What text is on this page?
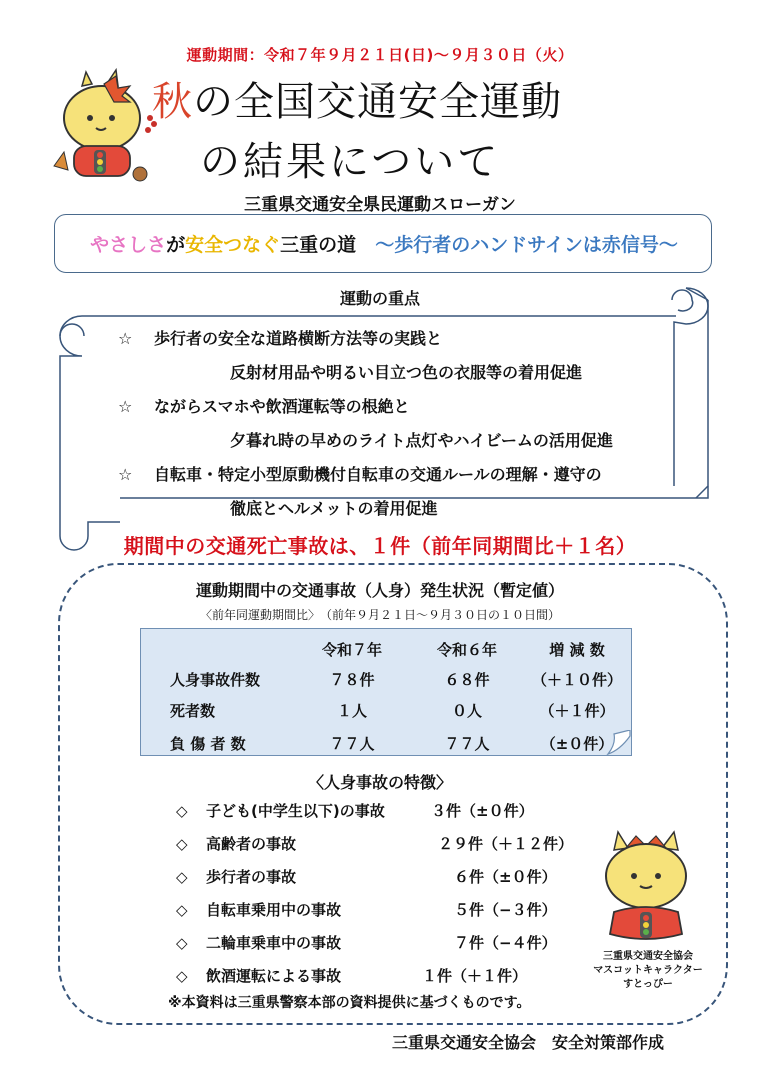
運動期間：令和７年９月２１日(日)〜９月３０日（火）
秋の全国交通安全運動
の結果について
三重県交通安全県民運動スローガン
やさしさが安全つなぐ三重の道　 〜歩行者のハンドサインは赤信号〜
運動の重点
☆	歩行者の安全な道路横断方法等の実践と
反射材用品や明るい目立つ色の衣服等の着用促進
☆	ながらスマホや飲酒運転等の根絶と
夕暮れ時の早めのライト点灯やハイビームの活用促進
☆	自転車・特定小型原動機付自転車の交通ルールの理解・遵守の
徹底とヘルメットの着用促進
期間中の交通死亡事故は、１件（前年同期間比＋１名）
運動期間中の交通事故（人身）発生状況（暫定値）
〈前年同運動期間比〉　（前年９月２１日〜９月３０日の１０日間）
	令和７年	令和６年	増 減 数
人身事故件数	７８件	６８件	（＋１０件）
死者数	１人	０人	（＋１件）
負 傷 者 数	７７人	７７人	（±０件）
〈人身事故の特徴〉
◇ 子ども(中学生以下)の事故	３件（±０件）
◇ 高齢者の事故	２９件（＋１２件）
◇ 歩行者の事故	６件（±０件）
◇ 自転車乗用中の事故	５件（−３件）
◇ 二輪車乗車中の事故	７件（−４件）
◇ 飲酒運転による事故	１件（＋１件）
三重県交通安全協会
マスコットキャラクター
すとっぴー
※本資料は三重県警察本部の資料提供に基づくものです。
三重県交通安全協会　安全対策部作成
